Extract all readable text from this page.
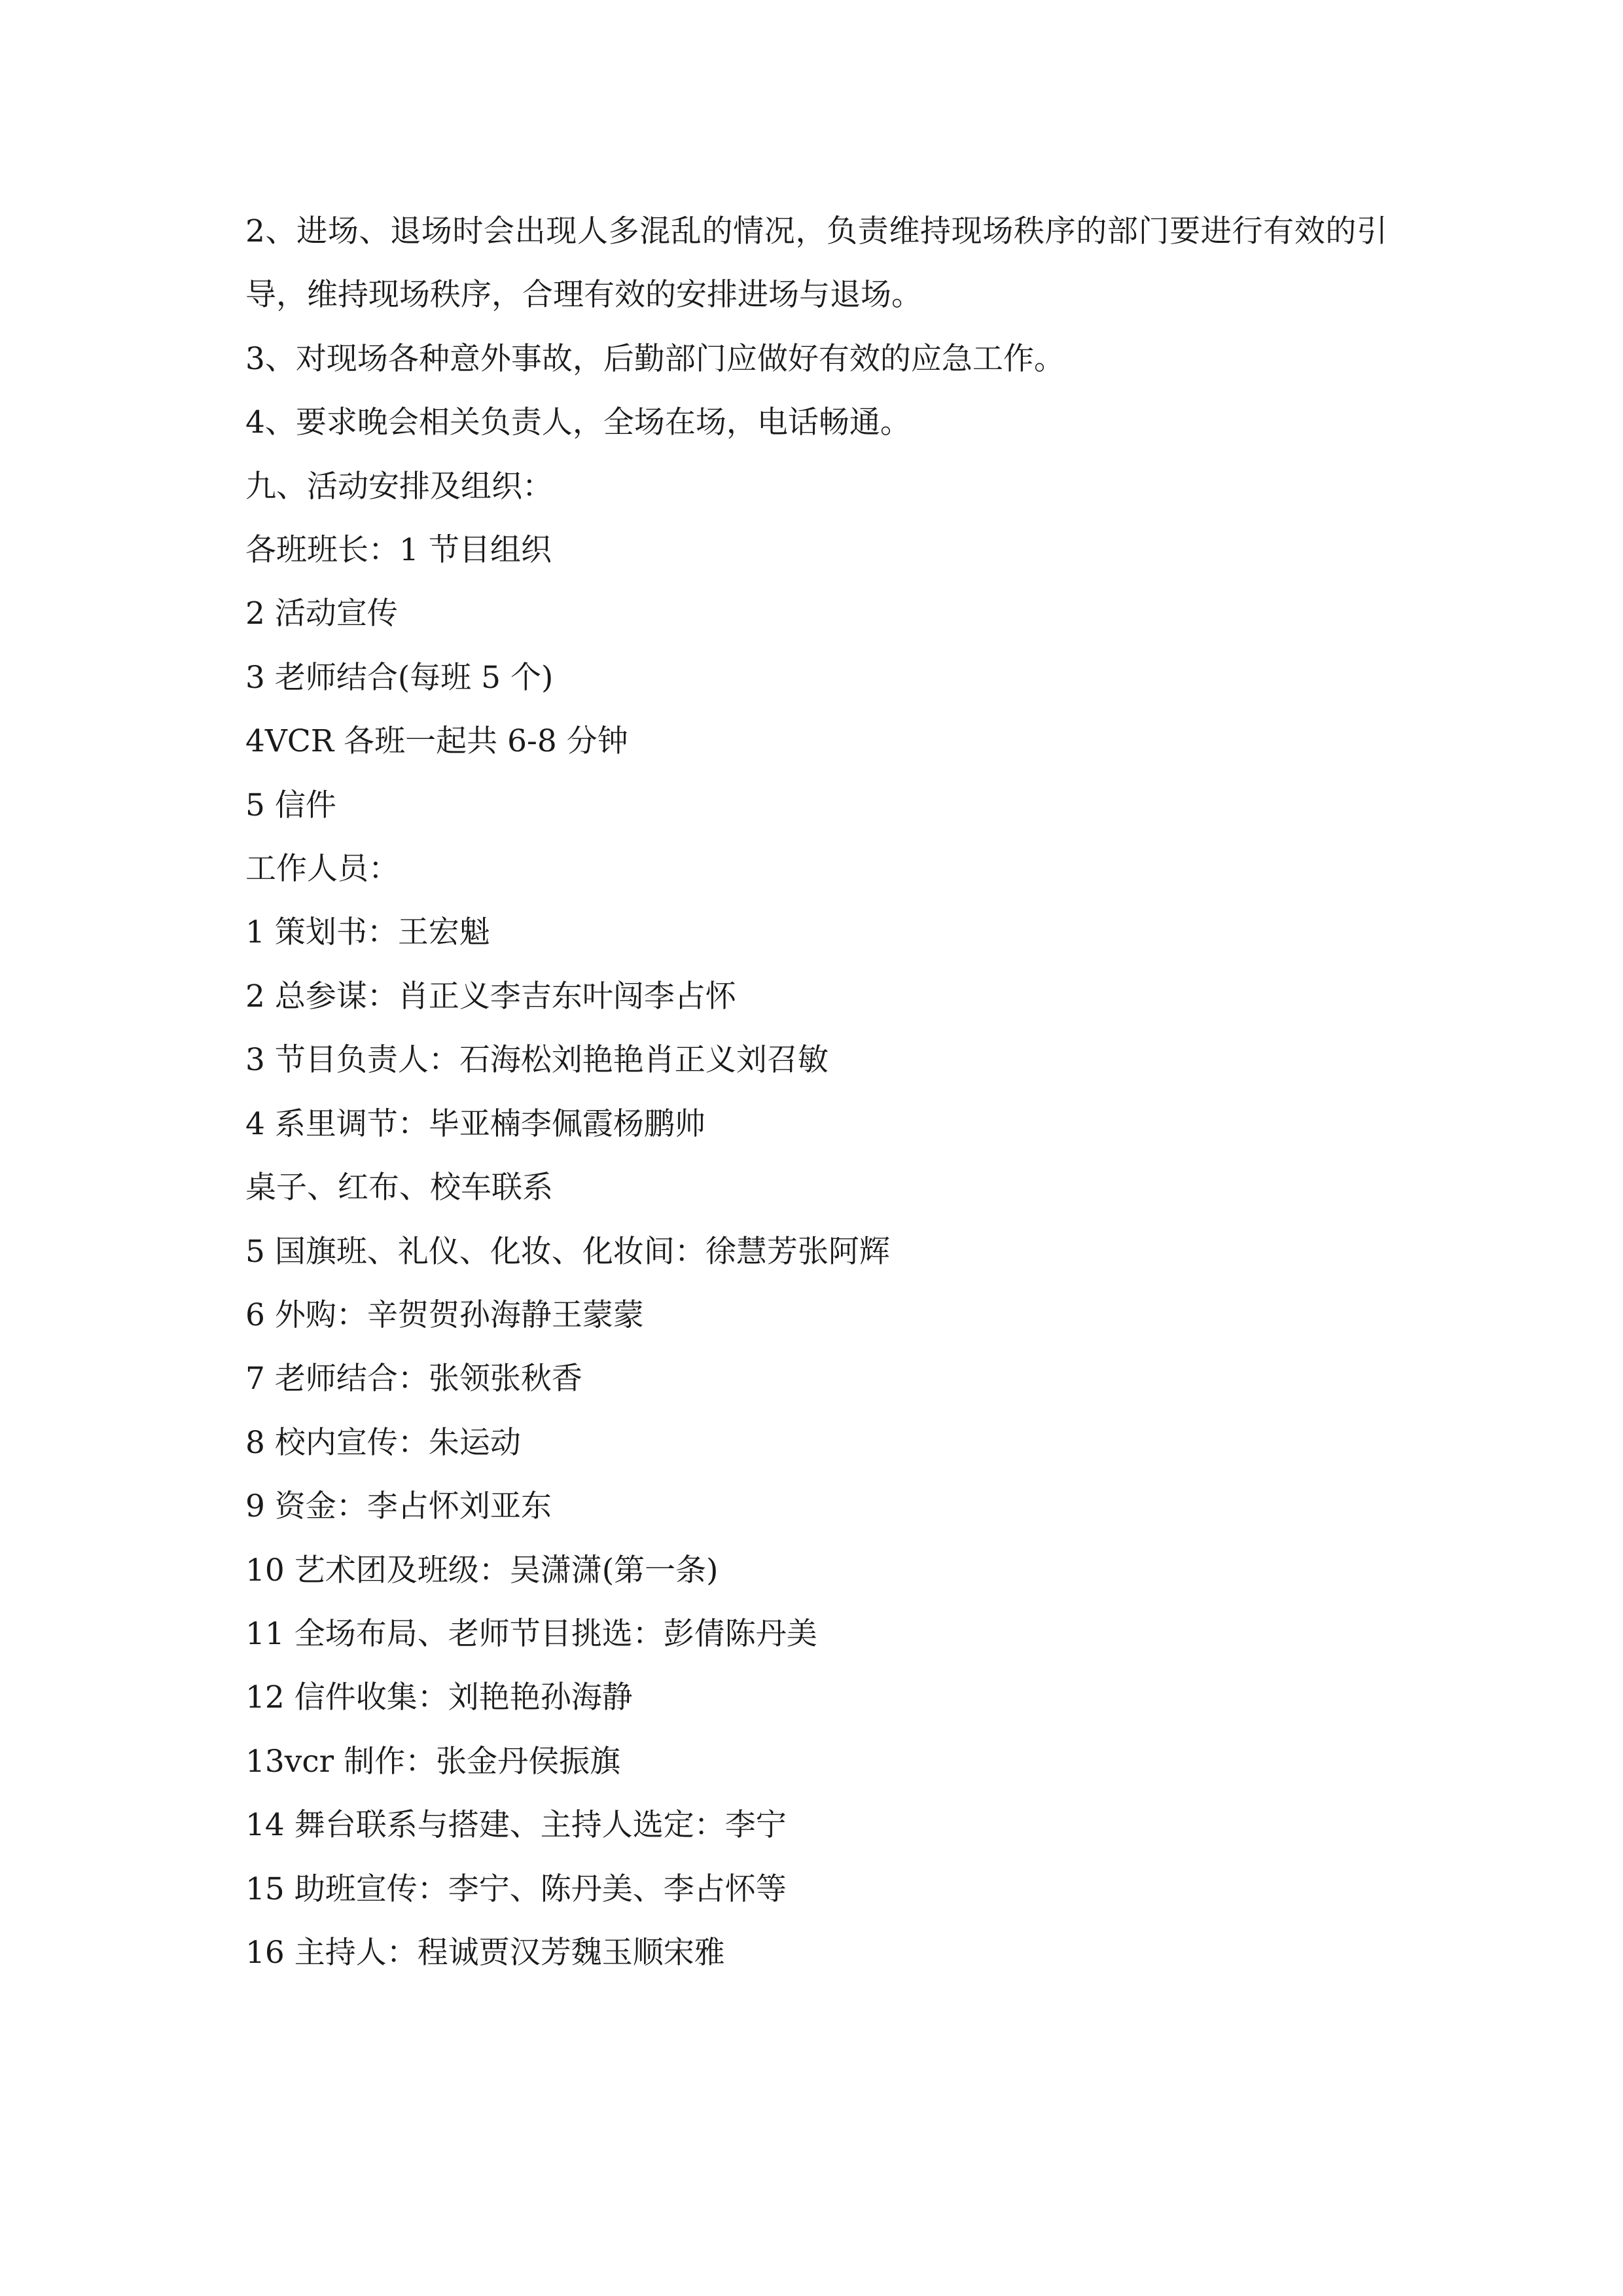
2、进场、退场时会出现人多混乱的情况，负责维持现场秩序的部门要进行有效的引导，维持现场秩序，合理有效的安排进场与退场。

3、对现场各种意外事故，后勤部门应做好有效的应急工作。

4、要求晚会相关负责人，全场在场，电话畅通。

九、活动安排及组织：

各班班长：1 节目组织

2 活动宣传

3 老师结合(每班 5 个)

4VCR 各班一起共 6-8 分钟

5 信件

工作人员：

1 策划书：王宏魁

2 总参谋：肖正义李吉东叶闯李占怀

3 节目负责人：石海松刘艳艳肖正义刘召敏

4 系里调节：毕亚楠李佩霞杨鹏帅

桌子、红布、校车联系

5 国旗班、礼仪、化妆、化妆间：徐慧芳张阿辉

6 外购：辛贺贺孙海静王蒙蒙

7 老师结合：张领张秋香

8 校内宣传：朱运动

9 资金：李占怀刘亚东

10 艺术团及班级：吴潇潇(第一条)

11 全场布局、老师节目挑选：彭倩陈丹美

12 信件收集：刘艳艳孙海静

13vcr 制作：张金丹侯振旗

14 舞台联系与搭建、主持人选定：李宁

15 助班宣传：李宁、陈丹美、李占怀等

16 主持人：程诚贾汉芳魏玉顺宋雅
